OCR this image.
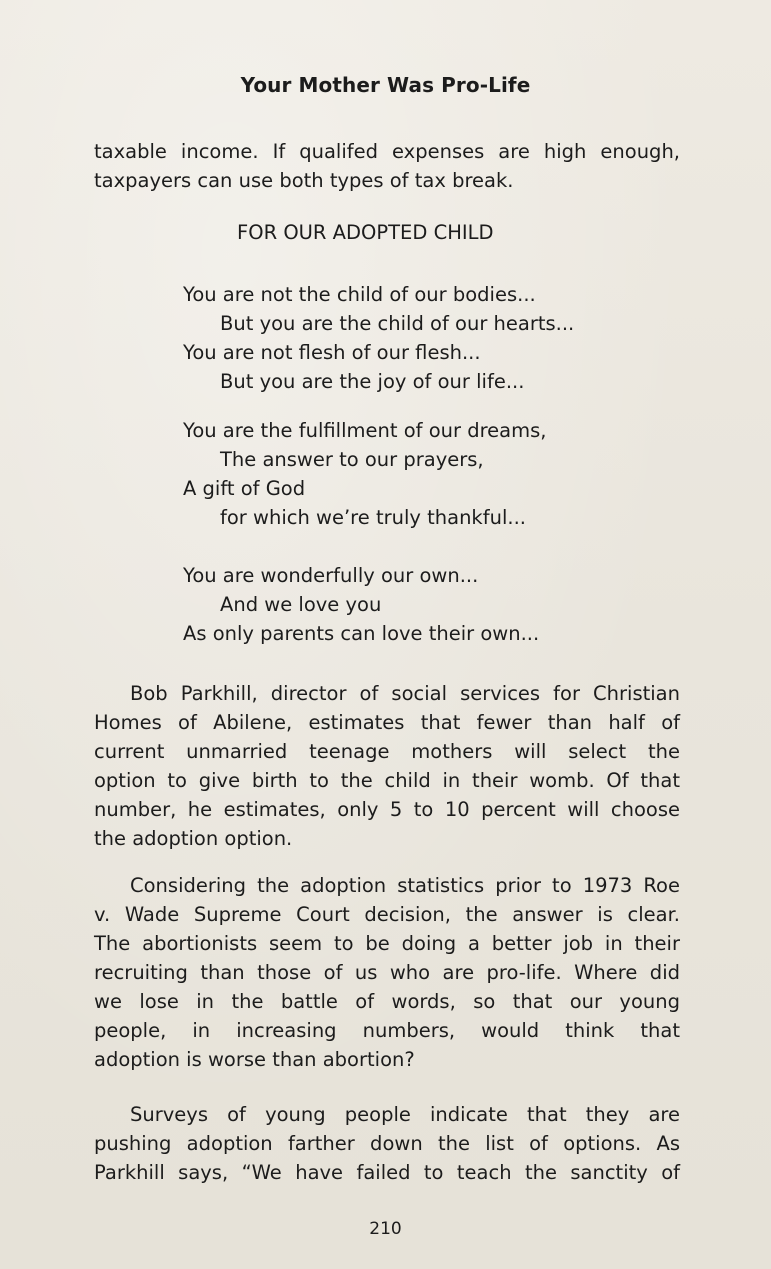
Your Mother Was Pro-Life
taxable income. If qualifed expenses are high enough,
taxpayers can use both types of tax break.
FOR OUR ADOPTED CHILD
You are not the child of our bodies...
But you are the child of our hearts...
You are not flesh of our flesh...
But you are the joy of our life...
You are the fulfillment of our dreams,
The answer to our prayers,
A gift of God
for which we’re truly thankful...
You are wonderfully our own...
And we love you
As only parents can love their own...
Bob Parkhill, director of social services for Christian
Homes of Abilene, estimates that fewer than half of
current unmarried teenage mothers will select the
option to give birth to the child in their womb. Of that
number, he estimates, only 5 to 10 percent will choose
the adoption option.
Considering the adoption statistics prior to 1973 Roe
v. Wade Supreme Court decision, the answer is clear.
The abortionists seem to be doing a better job in their
recruiting than those of us who are pro-life. Where did
we lose in the battle of words, so that our young
people, in increasing numbers, would think that
adoption is worse than abortion?
Surveys of young people indicate that they are
pushing adoption farther down the list of options. As
Parkhill says, “We have failed to teach the sanctity of
210
